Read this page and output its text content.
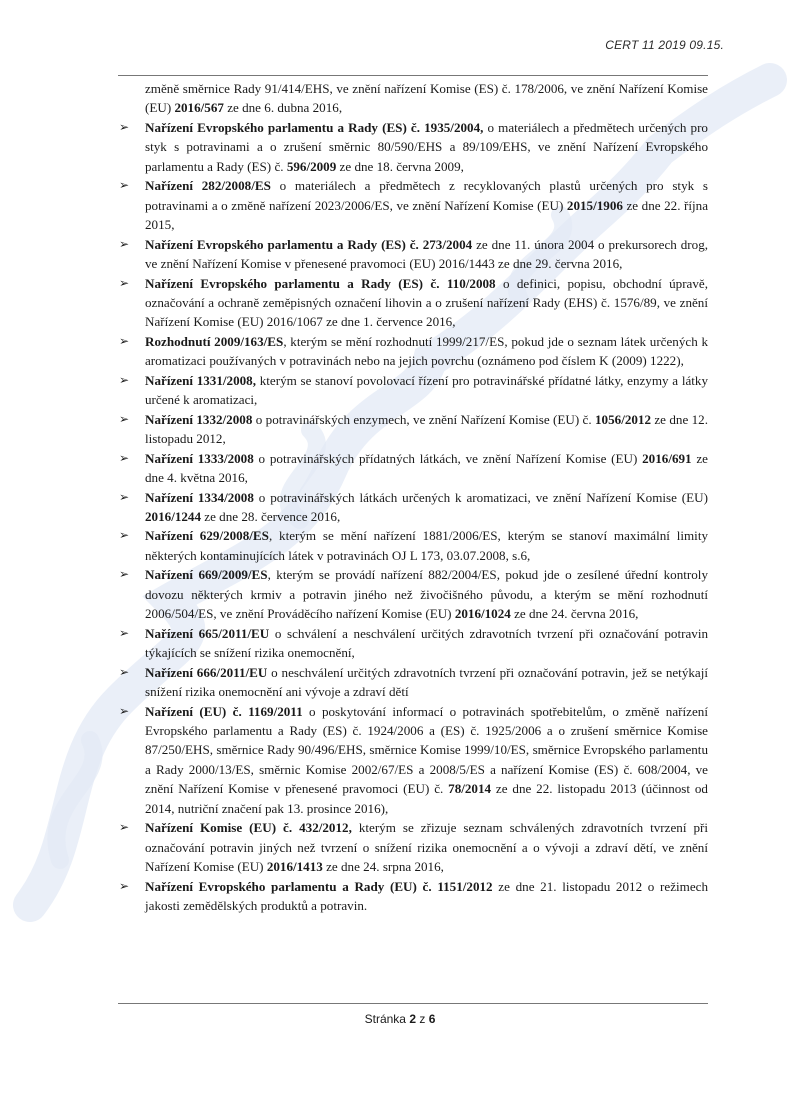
CERT 11 2019 09.15.
změně směrnice Rady 91/414/EHS, ve znění nařízení Komise (ES) č. 178/2006, ve znění Nařízení Komise (EU) 2016/567 ze dne 6. dubna 2016,
➢ Nařízení Evropského parlamentu a Rady (ES) č. 1935/2004, o materiálech a předmětech určených pro styk s potravinami a o zrušení směrnic 80/590/EHS a 89/109/EHS, ve znění Nařízení Evropského parlamentu a Rady (ES) č. 596/2009 ze dne 18. června 2009,
➢ Nařízení 282/2008/ES o materiálech a předmětech z recyklovaných plastů určených pro styk s potravinami a o změně nařízení 2023/2006/ES, ve znění Nařízení Komise (EU) 2015/1906 ze dne 22. října 2015,
➢ Nařízení Evropského parlamentu a Rady (ES) č. 273/2004 ze dne 11. února 2004 o prekursorech drog, ve znění Nařízení Komise v přenesené pravomoci (EU) 2016/1443 ze dne 29. června 2016,
➢ Nařízení Evropského parlamentu a Rady (ES) č. 110/2008 o definici, popisu, obchodní úpravě, označování a ochraně zeměpisných označení lihovin a o zrušení nařízení Rady (EHS) č. 1576/89, ve znění Nařízení Komise (EU) 2016/1067 ze dne 1. července 2016,
➢ Rozhodnutí 2009/163/ES, kterým se mění rozhodnutí 1999/217/ES, pokud jde o seznam látek určených k aromatizaci používaných v potravinách nebo na jejich povrchu (oznámeno pod číslem K (2009) 1222),
➢ Nařízení 1331/2008, kterým se stanoví povolovací řízení pro potravinářské přídatné látky, enzymy a látky určené k aromatizaci,
➢ Nařízení 1332/2008 o potravinářských enzymech, ve znění Nařízení Komise (EU) č. 1056/2012 ze dne 12. listopadu 2012,
➢ Nařízení 1333/2008 o potravinářských přídatných látkách, ve znění Nařízení Komise (EU) 2016/691 ze dne 4. května 2016,
➢ Nařízení 1334/2008 o potravinářských látkách určených k aromatizaci, ve znění Nařízení Komise (EU) 2016/1244 ze dne 28. července 2016,
➢ Nařízení 629/2008/ES, kterým se mění nařízení 1881/2006/ES, kterým se stanoví maximální limity některých kontaminujících látek v potravinách OJ L 173, 03.07.2008, s.6,
➢ Nařízení 669/2009/ES, kterým se provádí nařízení 882/2004/ES, pokud jde o zesílené úřední kontroly dovozu některých krmiv a potravin jiného než živočišného původu, a kterým se mění rozhodnutí 2006/504/ES, ve znění Prováděcího nařízení Komise (EU) 2016/1024 ze dne 24. června 2016,
➢ Nařízení 665/2011/EU o schválení a neschválení určitých zdravotních tvrzení při označování potravin týkajících se snížení rizika onemocnění,
➢ Nařízení 666/2011/EU o neschválení určitých zdravotních tvrzení při označování potravin, jež se netýkají snížení rizika onemocnění ani vývoje a zdraví dětí
➢ Nařízení (EU) č. 1169/2011 o poskytování informací o potravinách spotřebitelům, o změně nařízení Evropského parlamentu a Rady (ES) č. 1924/2006 a (ES) č. 1925/2006 a o zrušení směrnice Komise 87/250/EHS, směrnice Rady 90/496/EHS, směrnice Komise 1999/10/ES, směrnice Evropského parlamentu a Rady 2000/13/ES, směrnic Komise 2002/67/ES a 2008/5/ES a nařízení Komise (ES) č. 608/2004, ve znění Nařízení Komise v přenesené pravomoci (EU) č. 78/2014 ze dne 22. listopadu 2013 (účinnost od 2014, nutriční značení pak 13. prosince 2016),
➢ Nařízení Komise (EU) č. 432/2012, kterým se zřizuje seznam schválených zdravotních tvrzení při označování potravin jiných než tvrzení o snížení rizika onemocnění a o vývoji a zdraví dětí, ve znění Nařízení Komise (EU) 2016/1413 ze dne 24. srpna 2016,
➢ Nařízení Evropského parlamentu a Rady (EU) č. 1151/2012 ze dne 21. listopadu 2012 o režimech jakosti zemědělských produktů a potravin.
Stránka 2 z 6
